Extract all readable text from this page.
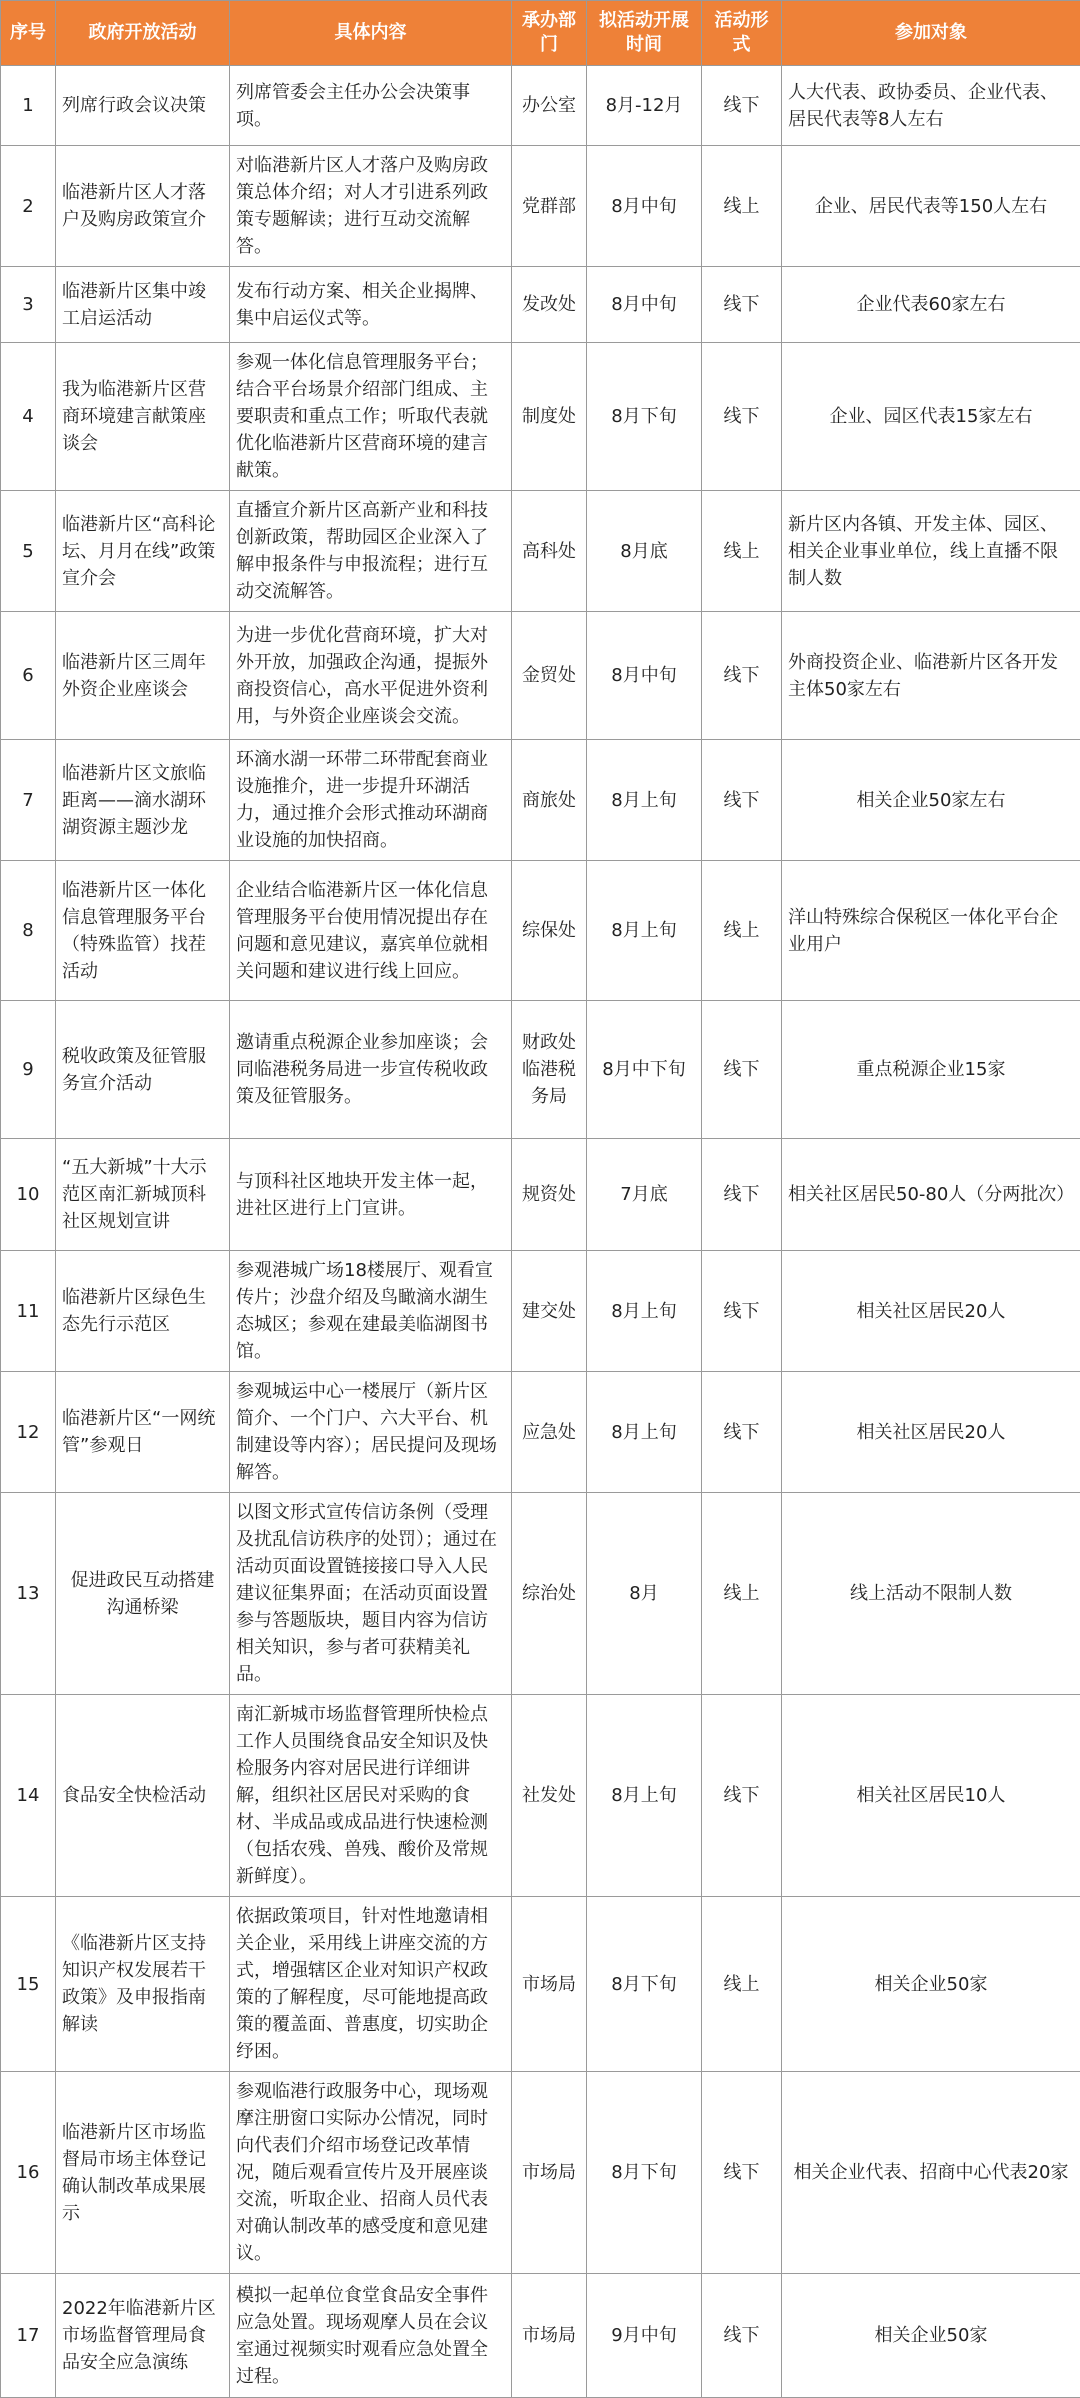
序号	政府开放活动	具体内容	承办部门	拟活动开展时间	活动形式	参加对象
1	列席行政会议决策	列席管委会主任办公会决策事项。	办公室	8月-12月	线下	人大代表、政协委员、企业代表、居民代表等8人左右
2	临港新片区人才落户及购房政策宣介	对临港新片区人才落户及购房政策总体介绍；对人才引进系列政策专题解读；进行互动交流解答。	党群部	8月中旬	线上	企业、居民代表等150人左右
3	临港新片区集中竣工启运活动	发布行动方案、相关企业揭牌、集中启运仪式等。	发改处	8月中旬	线下	企业代表60家左右
4	我为临港新片区营商环境建言献策座谈会	参观一体化信息管理服务平台；结合平台场景介绍部门组成、主要职责和重点工作；听取代表就优化临港新片区营商环境的建言献策。	制度处	8月下旬	线下	企业、园区代表15家左右
5	临港新片区“高科论坛、月月在线”政策宣介会	直播宣介新片区高新产业和科技创新政策，帮助园区企业深入了解申报条件与申报流程；进行互动交流解答。	高科处	8月底	线上	新片区内各镇、开发主体、园区、相关企业事业单位，线上直播不限制人数
6	临港新片区三周年外资企业座谈会	为进一步优化营商环境，扩大对外开放，加强政企沟通，提振外商投资信心，高水平促进外资利用，与外资企业座谈会交流。	金贸处	8月中旬	线下	外商投资企业、临港新片区各开发主体50家左右
7	临港新片区文旅临距离——滴水湖环湖资源主题沙龙	环滴水湖一环带二环带配套商业设施推介，进一步提升环湖活力，通过推介会形式推动环湖商业设施的加快招商。	商旅处	8月上旬	线下	相关企业50家左右
8	临港新片区一体化信息管理服务平台（特殊监管）找茬活动	企业结合临港新片区一体化信息管理服务平台使用情况提出存在问题和意见建议，嘉宾单位就相关问题和建议进行线上回应。	综保处	8月上旬	线上	洋山特殊综合保税区一体化平台企业用户
9	税收政策及征管服务宣介活动	邀请重点税源企业参加座谈；会同临港税务局进一步宣传税收政策及征管服务。	财政处临港税务局	8月中下旬	线下	重点税源企业15家
10	“五大新城”十大示范区南汇新城顶科社区规划宣讲	与顶科社区地块开发主体一起，进社区进行上门宣讲。	规资处	7月底	线下	相关社区居民50-80人（分两批次）
11	临港新片区绿色生态先行示范区	参观港城广场18楼展厅、观看宣传片；沙盘介绍及鸟瞰滴水湖生态城区；参观在建最美临湖图书馆。	建交处	8月上旬	线下	相关社区居民20人
12	临港新片区“一网统管”参观日	参观城运中心一楼展厅（新片区简介、一个门户、六大平台、机制建设等内容）；居民提问及现场解答。	应急处	8月上旬	线下	相关社区居民20人
13	促进政民互动搭建沟通桥梁	以图文形式宣传信访条例（受理及扰乱信访秩序的处罚）；通过在活动页面设置链接接口导入人民建议征集界面；在活动页面设置参与答题版块，题目内容为信访相关知识，参与者可获精美礼品。	综治处	8月	线上	线上活动不限制人数
14	食品安全快检活动	南汇新城市场监督管理所快检点工作人员围绕食品安全知识及快检服务内容对居民进行详细讲解，组织社区居民对采购的食材、半成品或成品进行快速检测（包括农残、兽残、酸价及常规新鲜度）。	社发处	8月上旬	线下	相关社区居民10人
15	《临港新片区支持知识产权发展若干政策》及申报指南解读	依据政策项目，针对性地邀请相关企业，采用线上讲座交流的方式，增强辖区企业对知识产权政策的了解程度，尽可能地提高政策的覆盖面、普惠度，切实助企纾困。	市场局	8月下旬	线上	相关企业50家
16	临港新片区市场监督局市场主体登记确认制改革成果展示	参观临港行政服务中心，现场观摩注册窗口实际办公情况，同时向代表们介绍市场登记改革情况，随后观看宣传片及开展座谈交流，听取企业、招商人员代表对确认制改革的感受度和意见建议。	市场局	8月下旬	线下	相关企业代表、招商中心代表20家
17	2022年临港新片区市场监督管理局食品安全应急演练	模拟一起单位食堂食品安全事件应急处置。现场观摩人员在会议室通过视频实时观看应急处置全过程。	市场局	9月中旬	线下	相关企业50家
